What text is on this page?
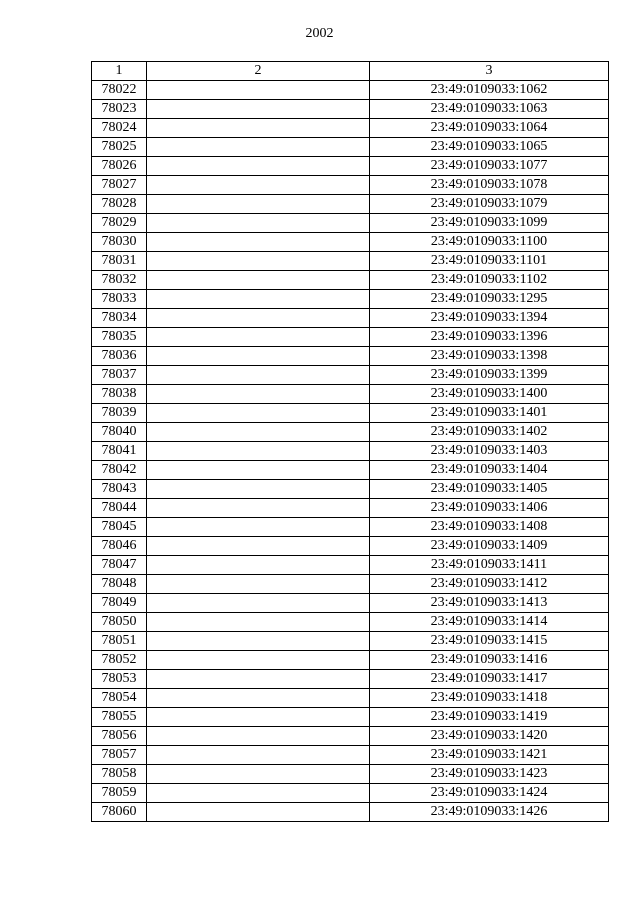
2002
1	2	3
78022		23:49:0109033:1062
78023		23:49:0109033:1063
78024		23:49:0109033:1064
78025		23:49:0109033:1065
78026		23:49:0109033:1077
78027		23:49:0109033:1078
78028		23:49:0109033:1079
78029		23:49:0109033:1099
78030		23:49:0109033:1100
78031		23:49:0109033:1101
78032		23:49:0109033:1102
78033		23:49:0109033:1295
78034		23:49:0109033:1394
78035		23:49:0109033:1396
78036		23:49:0109033:1398
78037		23:49:0109033:1399
78038		23:49:0109033:1400
78039		23:49:0109033:1401
78040		23:49:0109033:1402
78041		23:49:0109033:1403
78042		23:49:0109033:1404
78043		23:49:0109033:1405
78044		23:49:0109033:1406
78045		23:49:0109033:1408
78046		23:49:0109033:1409
78047		23:49:0109033:1411
78048		23:49:0109033:1412
78049		23:49:0109033:1413
78050		23:49:0109033:1414
78051		23:49:0109033:1415
78052		23:49:0109033:1416
78053		23:49:0109033:1417
78054		23:49:0109033:1418
78055		23:49:0109033:1419
78056		23:49:0109033:1420
78057		23:49:0109033:1421
78058		23:49:0109033:1423
78059		23:49:0109033:1424
78060		23:49:0109033:1426
